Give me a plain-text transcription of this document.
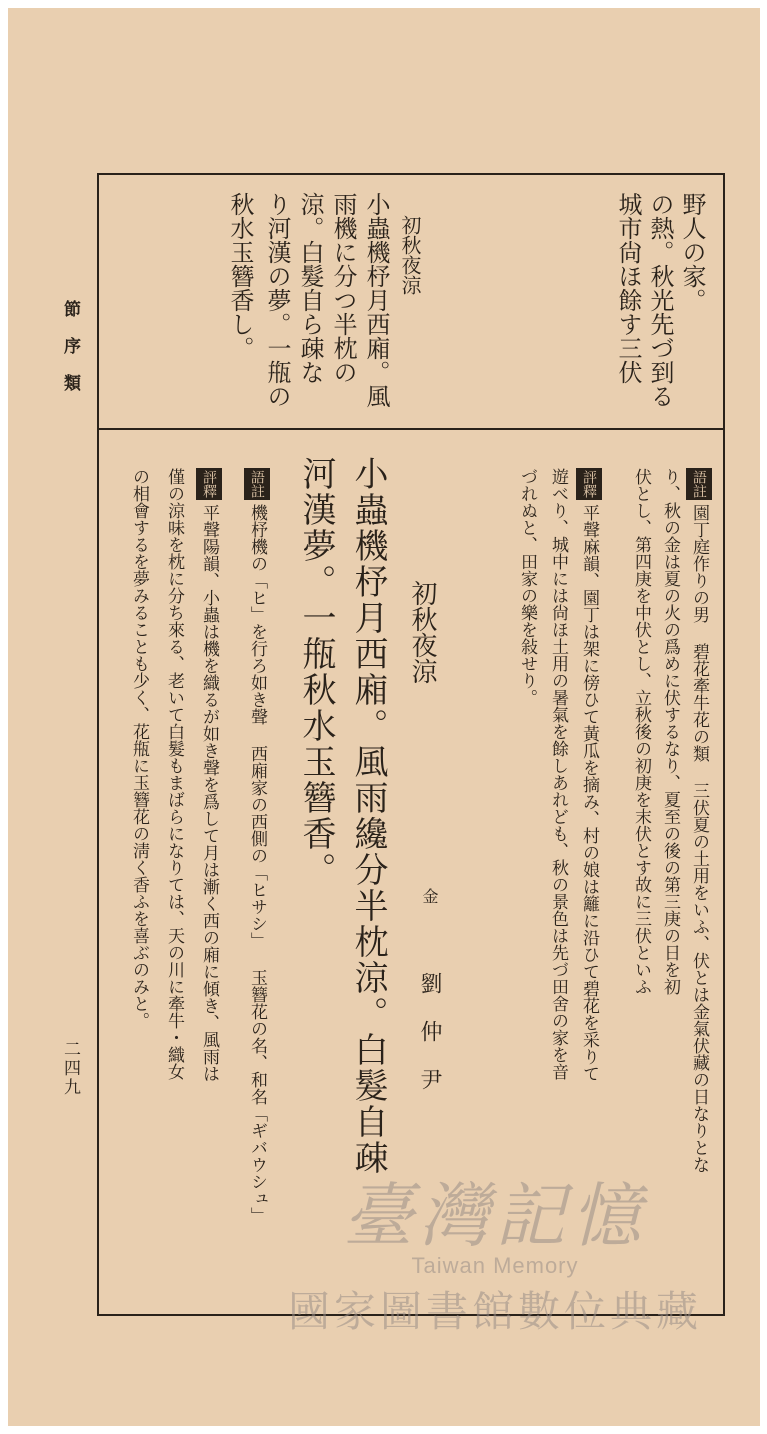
節序類
二四九
城市尙ほ餘す三伏 の熱。秋光先づ到る 野人の家。
初秋夜涼
小蟲機杼月西廂。風
雨機に分つ半枕の
涼。白髮自ら疎な
り河漢の夢。一甁の
秋水玉簪香し。
語註園丁庭作りの男 碧花牽牛花の類 三伏夏の土用をいふ、伏とは金氣伏藏の日なりとな
り、秋の金は夏の火の爲めに伏するなり、夏至の後の第三庚の日を初
伏とし、第四庚を中伏とし、立秋後の初庚を末伏とす故に三伏といふ
評釋平聲麻韻、園丁は架に傍ひて黃瓜を摘み、村の娘は籬に沿ひて碧花を采りて
遊べり、城中には尙ほ土用の暑氣を餘しあれども、秋の景色は先づ田舍の家を音
づれぬと、田家の樂を敍せり。
初秋夜涼
金  劉仲尹
小蟲機杼月西廂。風雨纔分半枕涼。白髮自疎
河漢夢。一甁秋水玉簪香。
語註機杼機の「ヒ」を行ろ如き聲 西廂家の西側の「ヒサシ」 玉簪花の名、和名「ギバウシュ」
評釋平聲陽韻、小蟲は機を織るが如き聲を爲して月は漸く西の廂に傾き、風雨は
僅の涼味を枕に分ち來る、老いて白髮もまばらになりては、天の川に牽牛・織女
の相會するを夢みることも少く、花甁に玉簪花の淸く香ふを喜ぶのみと。
臺灣記憶
Taiwan Memory
國家圖書館數位典藏
